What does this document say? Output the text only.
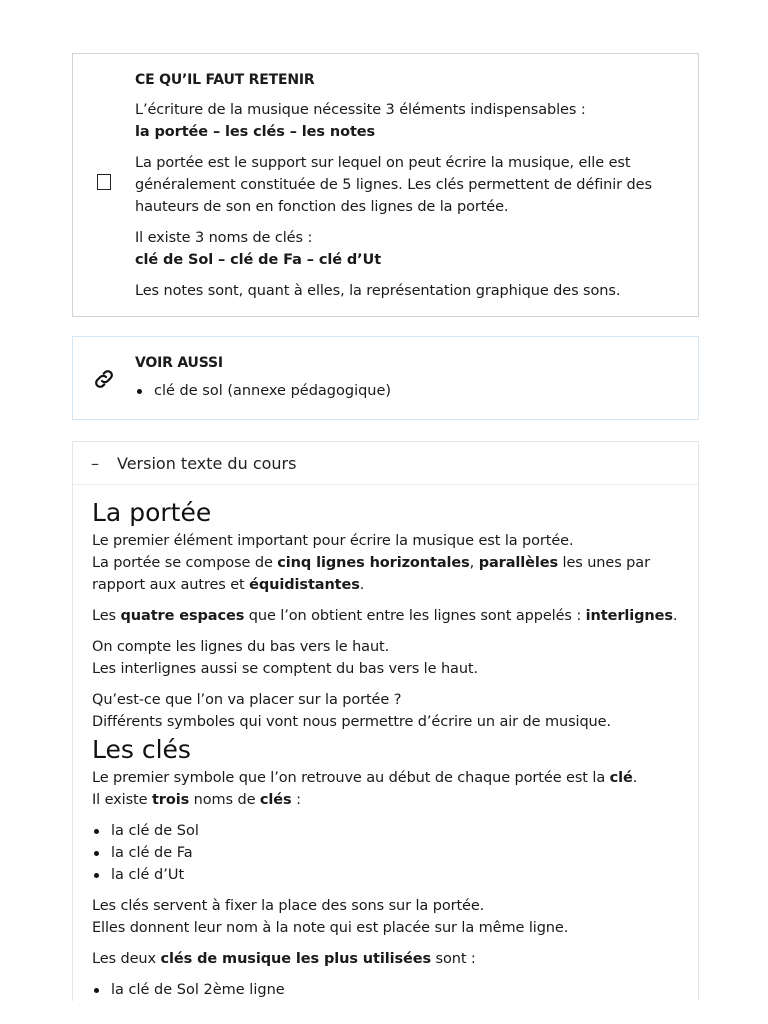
CE QU’IL FAUT RETENIR
L’écriture de la musique nécessite 3 éléments indispensables :
la portée – les clés – les notes
La portée est le support sur lequel on peut écrire la musique, elle est généralement constituée de 5 lignes. Les clés permettent de définir des hauteurs de son en fonction des lignes de la portée.
Il existe 3 noms de clés :
clé de Sol – clé de Fa – clé d’Ut
Les notes sont, quant à elles, la représentation graphique des sons.
VOIR AUSSI
clé de sol (annexe pédagogique)
–	Version texte du cours
La portée
Le premier élément important pour écrire la musique est la portée.
La portée se compose de cinq lignes horizontales, parallèles les unes par rapport aux autres et équidistantes.
Les quatre espaces que l’on obtient entre les lignes sont appelés : interlignes.
On compte les lignes du bas vers le haut.
Les interlignes aussi se comptent du bas vers le haut.
Qu’est-ce que l’on va placer sur la portée ?
Différents symboles qui vont nous permettre d’écrire un air de musique.
Les clés
Le premier symbole que l’on retrouve au début de chaque portée est la clé.
Il existe trois noms de clés :
la clé de Sol
la clé de Fa
la clé d’Ut
Les clés servent à fixer la place des sons sur la portée.
Elles donnent leur nom à la note qui est placée sur la même ligne.
Les deux clés de musique les plus utilisées sont :
la clé de Sol 2ème ligne
